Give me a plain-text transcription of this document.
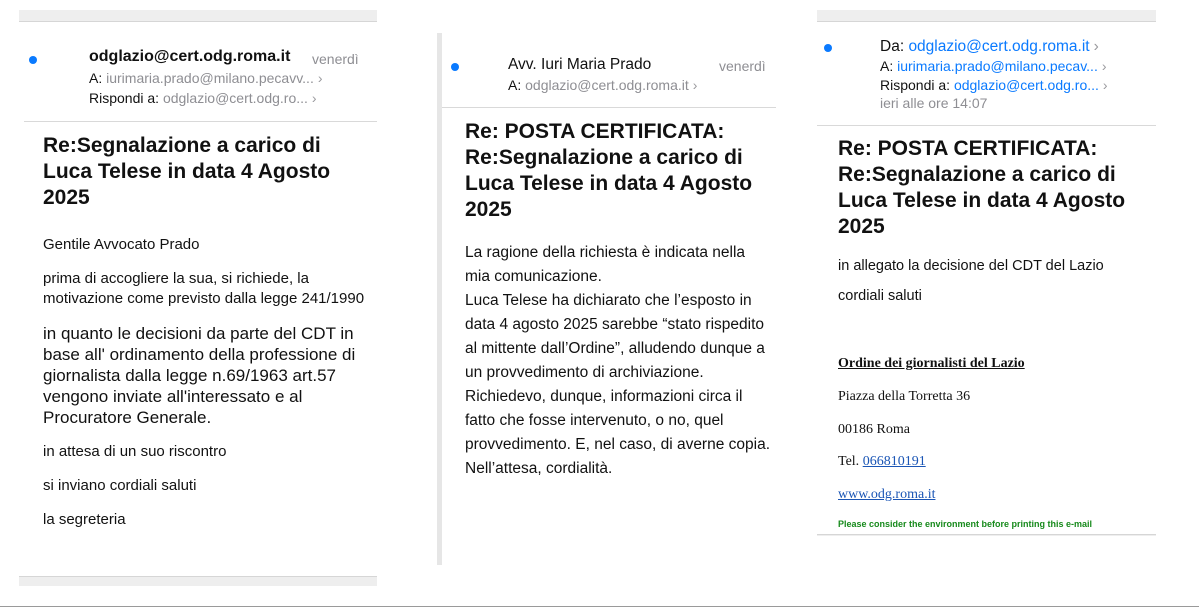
odglazio@cert.odg.roma.it venerdì
A: iurimaria.prado@milano.pecavv... ›
Rispondi a: odglazio@cert.odg.ro... ›
Re:Segnalazione a carico di Luca Telese in data 4 Agosto 2025

Gentile Avvocato Prado

prima di accogliere la sua, si richiede, la motivazione come previsto dalla legge 241/1990

in quanto le decisioni da parte del CDT in base all' ordinamento della professione di giornalista dalla legge n.69/1963 art.57 vengono inviate all'interessato e al Procuratore Generale.

in attesa di un suo riscontro

si inviano cordiali saluti

la segreteria

Avv. Iuri Maria Prado	venerdì
A: odglazio@cert.odg.roma.it ›
Re: POSTA CERTIFICATA: Re:Segnalazione a carico di Luca Telese in data 4 Agosto 2025

La ragione della richiesta è indicata nella mia comunicazione.

Luca Telese ha dichiarato che l’esposto in data 4 agosto 2025 sarebbe “stato rispedito al mittente dall’Ordine”, alludendo dunque a un provvedimento di archiviazione.

Richiedevo, dunque, informazioni circa il fatto che fosse intervenuto, o no, quel provvedimento. E, nel caso, di averne copia.

Nell’attesa, cordialità.

Da: odglazio@cert.odg.roma.it ›
A: iurimaria.prado@milano.pecav... ›
Rispondi a: odglazio@cert.odg.ro... ›
ieri alle ore 14:07
Re: POSTA CERTIFICATA: Re:Segnalazione a carico di Luca Telese in data 4 Agosto 2025
in allegato la decisione del CDT del Lazio
cordiali saluti
Ordine dei giornalisti del Lazio
Piazza della Torretta 36
00186 Roma
Tel. 066810191
www.odg.roma.it
Please consider the environment before printing this e-mail
